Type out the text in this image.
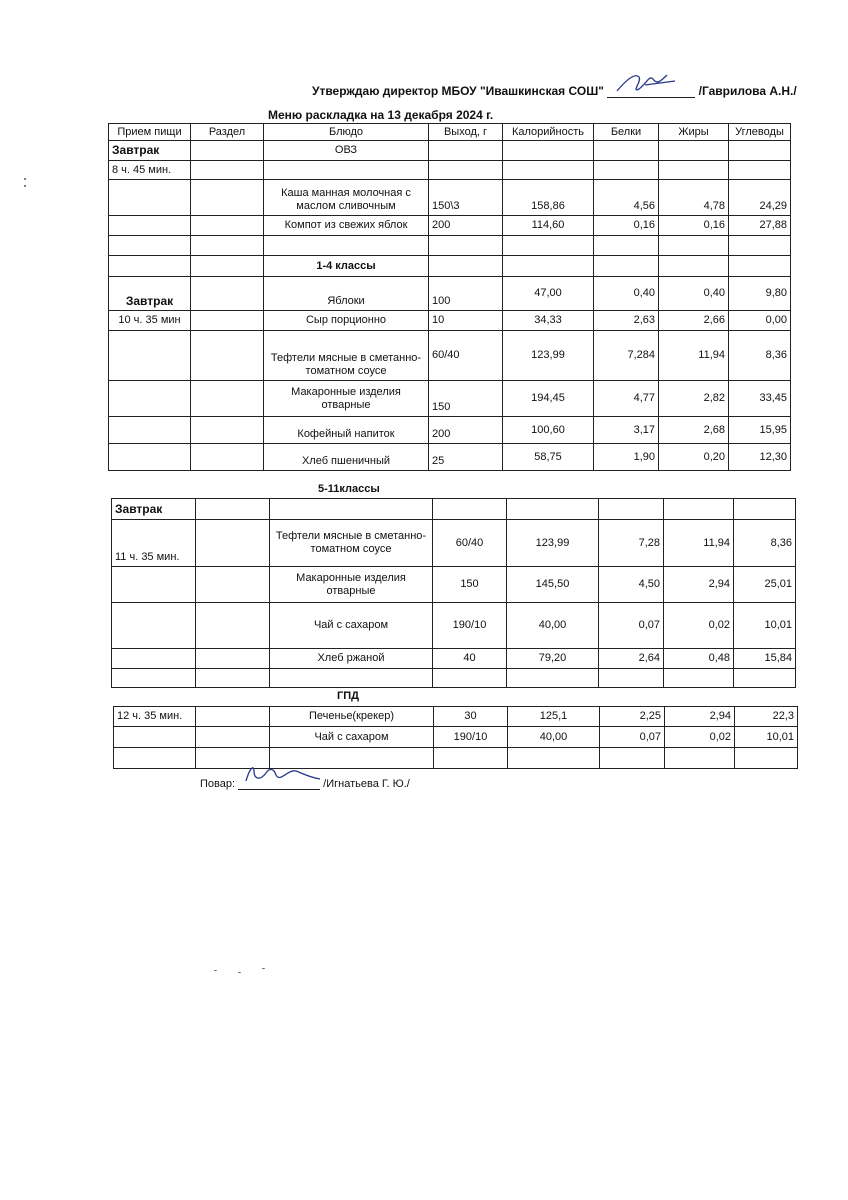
Утверждаю директор МБОУ "Ивашкинская СОШ"	/Гаврилова А.Н./
Меню раскладка на 13 декабря 2024 г.
Прием пищи	Раздел	Блюдо	Выход, г	Калорийность	Белки	Жиры	Углеводы
Завтрак		ОВЗ					
8 ч. 45 мин.							
		Каша манная молочная с маслом сливочным	150\3	158,86	4,56	4,78	24,29
		Компот из свежих яблок	200	114,60	0,16	0,16	27,88

		1-4 классы					
Завтрак		Яблоки	100	47,00	0,40	0,40	9,80
10 ч. 35 мин		Сыр порционно	10	34,33	2,63	2,66	0,00
		Тефтели мясные в сметанно-томатном соусе	60/40	123,99	7,284	11,94	8,36
		Макаронные изделия отварные	150	194,45	4,77	2,82	33,45
		Кофейный напиток	200	100,60	3,17	2,68	15,95
		Хлеб пшеничный	25	58,75	1,90	0,20	12,30
5-11классы
Завтрак							
11 ч. 35 мин.		Тефтели мясные в сметанно-томатном соусе	60/40	123,99	7,28	11,94	8,36
		Макаронные изделия отварные	150	145,50	4,50	2,94	25,01
		Чай с сахаром	190/10	40,00	0,07	0,02	10,01
		Хлеб ржаной	40	79,20	2,64	0,48	15,84

ГПД
12 ч. 35 мин.		Печенье(крекер)	30	125,1	2,25	2,94	22,3
		Чай с сахаром	190/10	40,00	0,07	0,02	10,01

Повар:	/Игнатьева Г. Ю./
